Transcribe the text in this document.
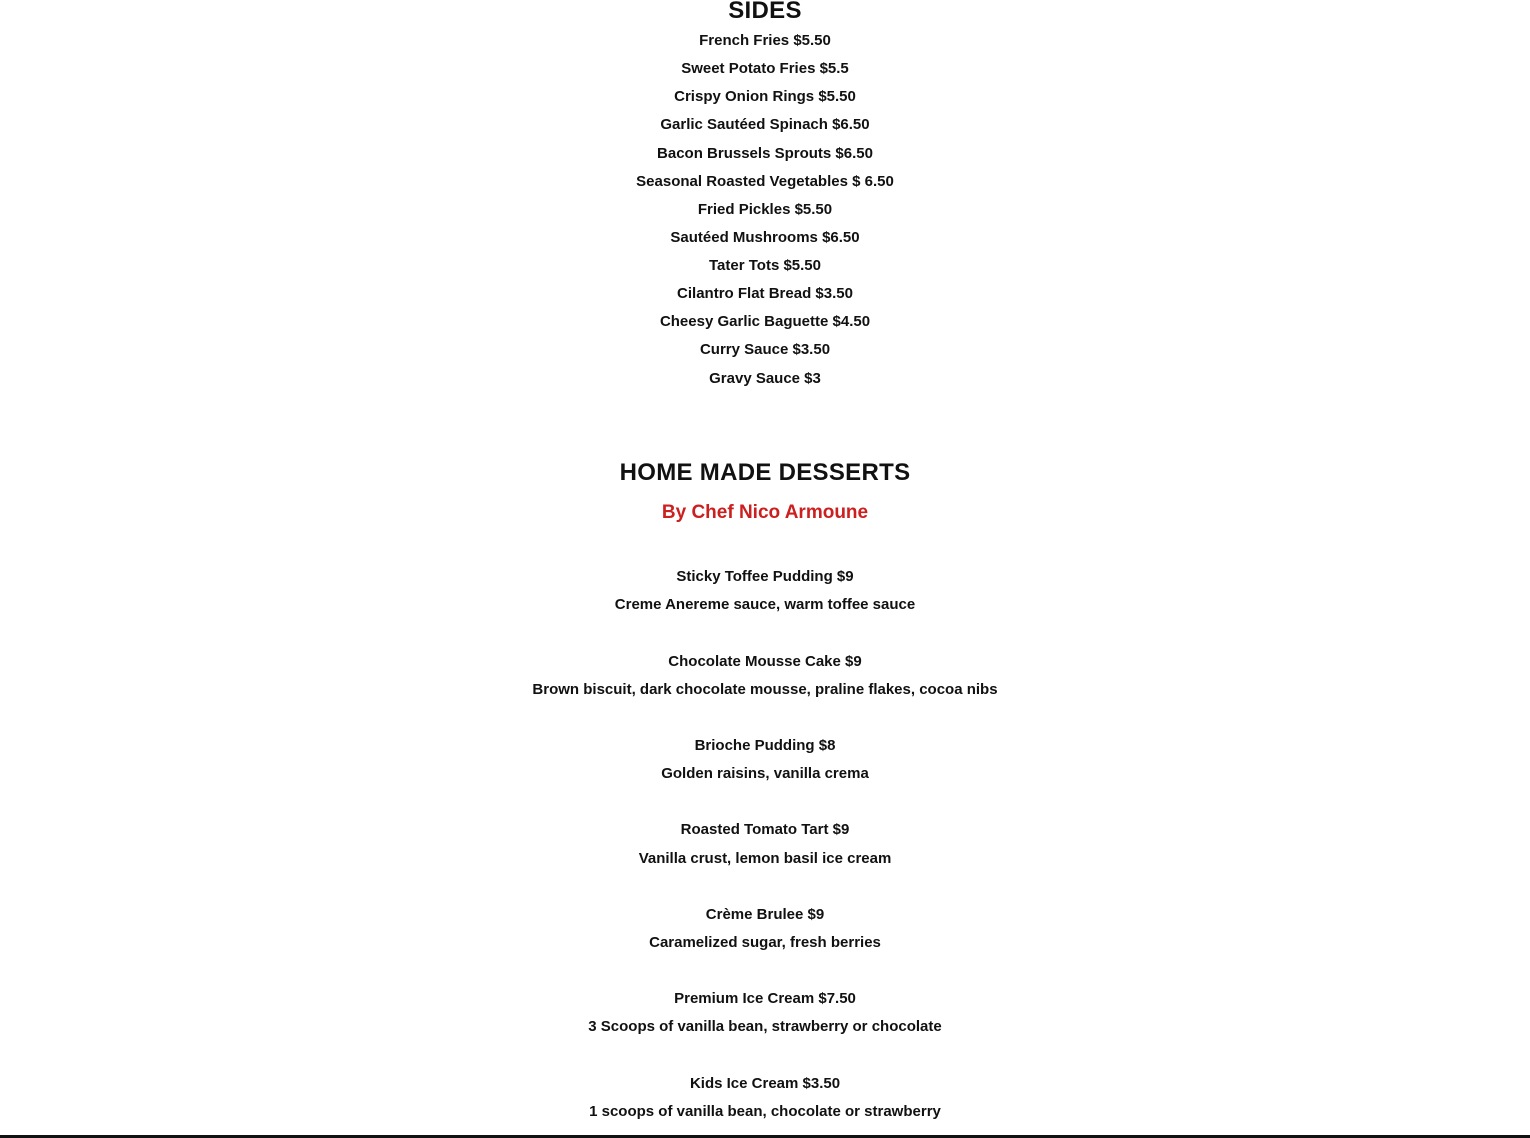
SIDES
French Fries $5.50
Sweet Potato Fries $5.5
Crispy Onion Rings $5.50
Garlic Sautéed Spinach $6.50
Bacon Brussels Sprouts $6.50
Seasonal Roasted Vegetables $ 6.50
Fried Pickles $5.50
Sautéed Mushrooms $6.50
Tater Tots $5.50
Cilantro Flat Bread $3.50
Cheesy Garlic Baguette $4.50
Curry Sauce $3.50
Gravy Sauce $3
HOME MADE DESSERTS
By Chef Nico Armoune
Sticky Toffee Pudding $9
Creme Anereme sauce, warm toffee sauce
Chocolate Mousse Cake $9
Brown biscuit, dark chocolate mousse, praline flakes, cocoa nibs
Brioche Pudding $8
Golden raisins, vanilla crema
Roasted Tomato Tart $9
Vanilla crust, lemon basil ice cream
Crème Brulee $9
Caramelized sugar, fresh berries
Premium Ice Cream $7.50
3 Scoops of vanilla bean, strawberry or chocolate
Kids Ice Cream $3.50
1 scoops of vanilla bean, chocolate or strawberry
